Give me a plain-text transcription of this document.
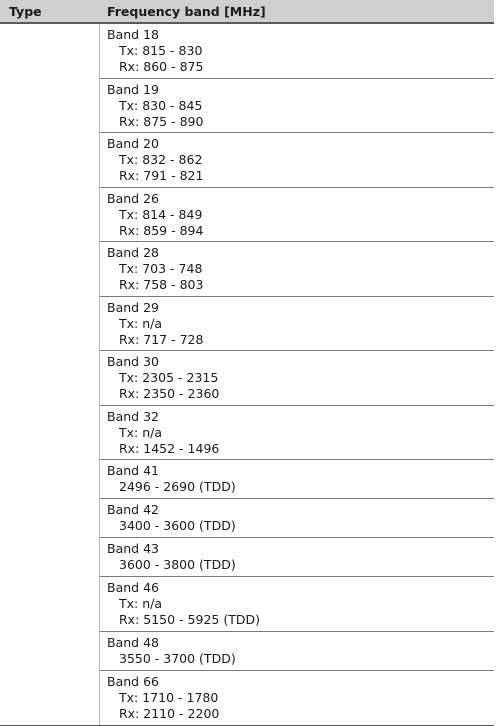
Type	Frequency band [MHz]
Band 18
Tx: 815 - 830
Rx: 860 - 875
Band 19
Tx: 830 - 845
Rx: 875 - 890
Band 20
Tx: 832 - 862
Rx: 791 - 821
Band 26
Tx: 814 - 849
Rx: 859 - 894
Band 28
Tx: 703 - 748
Rx: 758 - 803
Band 29
Tx: n/a
Rx: 717 - 728
Band 30
Tx: 2305 - 2315
Rx: 2350 - 2360
Band 32
Tx: n/a
Rx: 1452 - 1496
Band 41
2496 - 2690 (TDD)
Band 42
3400 - 3600 (TDD)
Band 43
3600 - 3800 (TDD)
Band 46
Tx: n/a
Rx: 5150 - 5925 (TDD)
Band 48
3550 - 3700 (TDD)
Band 66
Tx: 1710 - 1780
Rx: 2110 - 2200
